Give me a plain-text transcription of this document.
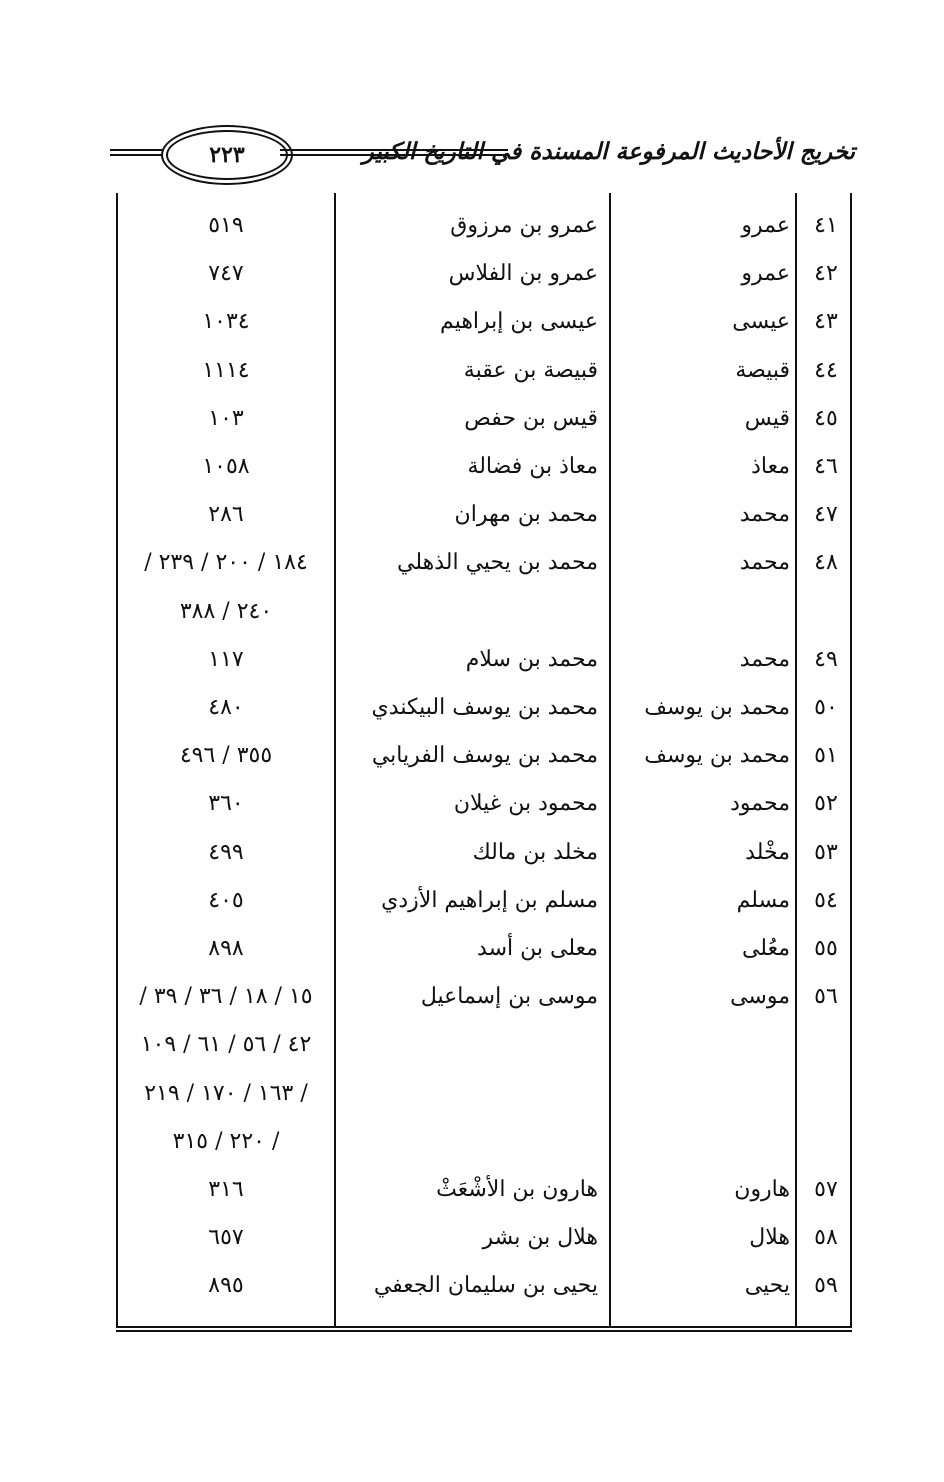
٢٢٣	تخريج الأحاديث المرفوعة المسندة في التاريخ الكبير
٤١
عمرو
عمرو بن مرزوق
٥١٩
٤٢
عمرو
عمرو بن الفلاس
٧٤٧
٤٣
عيسى
عيسى بن إبراهيم
١٠٣٤
٤٤
قبيصة
قبيصة بن عقبة
١١١٤
٤٥
قيس
قيس بن حفص
١٠٣
٤٦
معاذ
معاذ بن فضالة
١٠٥٨
٤٧
محمد
محمد بن مهران
٢٨٦
٤٨
محمد
محمد بن يحيي الذهلي
١٨٤ / ٢٠٠ / ٢٣٩ /
٢٤٠ / ٣٨٨
٤٩
محمد
محمد بن سلام
١١٧
٥٠
محمد بن يوسف
محمد بن يوسف البيكندي
٤٨٠
٥١
محمد بن يوسف
محمد بن يوسف الفريابي
٣٥٥ / ٤٩٦
٥٢
محمود
محمود بن غيلان
٣٦٠
٥٣
مخْلد
مخلد بن مالك
٤٩٩
٥٤
مسلم
مسلم بن إبراهيم الأزدي
٤٠٥
٥٥
معُلى
معلى بن أسد
٨٩٨
٥٦
موسى
موسى بن إسماعيل
١٥ / ١٨ / ٣٦ / ٣٩ /
٤٢ / ٥٦ / ٦١ / ١٠٩
/ ١٦٣ / ١٧٠ / ٢١٩
/ ٢٢٠ / ٣١٥
٥٧
هارون
هارون بن الأشْعَثْ
٣١٦
٥٨
هلال
هلال بن بشر
٦٥٧
٥٩
يحيى
يحيى بن سليمان الجعفي
٨٩٥
